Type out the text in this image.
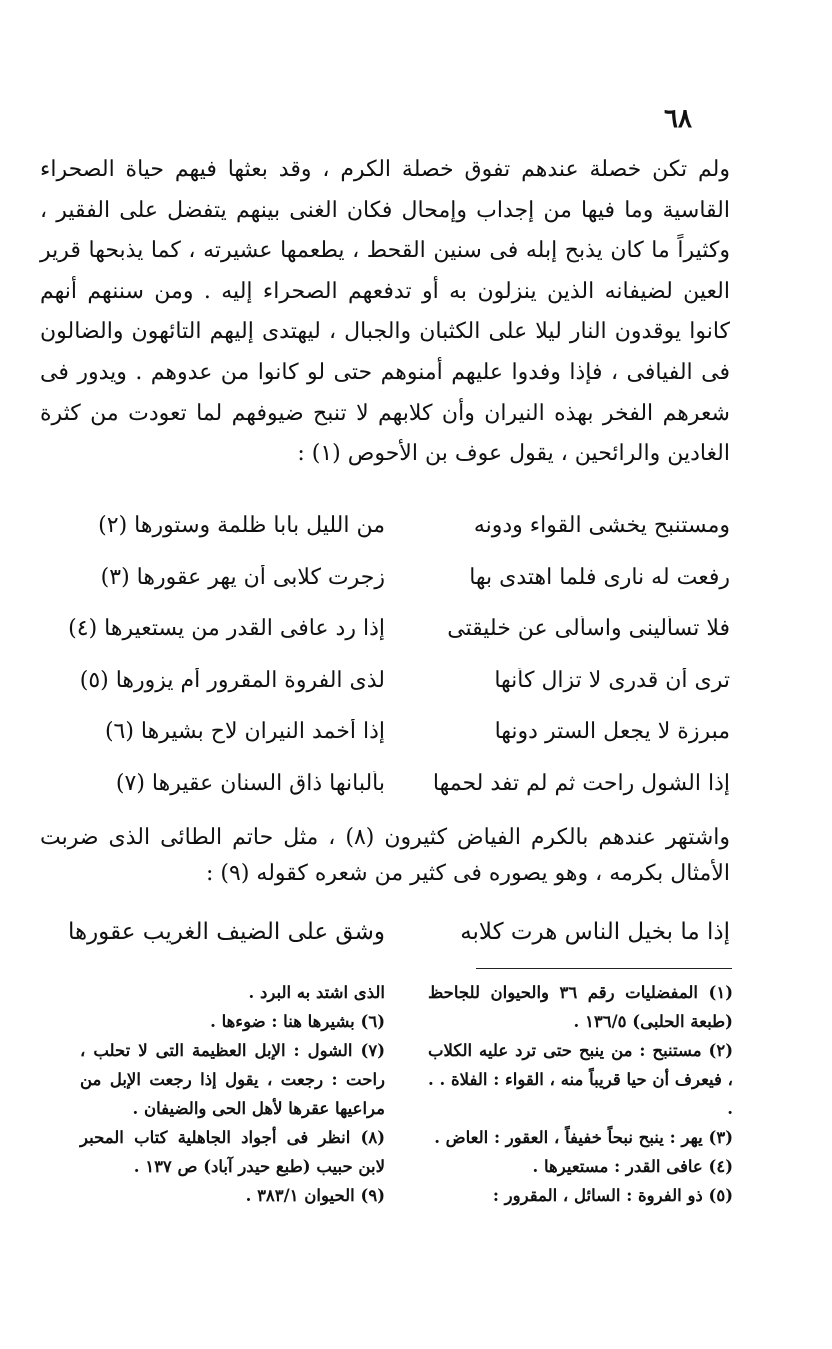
٦٨

ولم تكن خصلة عندهم تفوق خصلة الكرم ، وقد بعثها فيهم حياة الصحراء القاسية وما فيها من إجداب وإمحال فكان الغنى بينهم يتفضل على الفقير ، وكثيراً ما كان يذبح إبله فى سنين القحط ، يطعمها عشيرته ، كما يذبحها قرير العين لضيفانه الذين ينزلون به أو تدفعهم الصحراء إليه . ومن سننهم أنهم كانوا يوقدون النار ليلا على الكثبان والجبال ، ليهتدى إليهم التائهون والضالون فى الفيافى ، فإذا وفدوا عليهم أمنوهم حتى لو كانوا من عدوهم . ويدور فى شعرهم الفخر بهذه النيران وأن كلابهم لا تنبح ضيوفهم لما تعودت من كثرة الغادين والرائحين ، يقول عوف بن الأحوص (١) :

ومستنبح يخشى القواء ودونه
من الليل بابا ظلمة وستورها (٢)
رفعت له نارى فلما اهتدى بها
زجرت كلابى أن يهر عقورها (٣)
فلا تسألينى واسألى عن خليقتى
إذا رد عافى القدر من يستعيرها (٤)
ترى أن قدرى لا تزال كأنها
لذى الفروة المقرور أم يزورها (٥)
مبرزة لا يجعل الستر دونها
إذا أخمد النيران لاح بشيرها (٦)
إذا الشول راحت ثم لم تفد لحمها
بألبانها ذاق السنان عقيرها (٧)

واشتهر عندهم بالكرم الفياض كثيرون (٨) ، مثل حاتم الطائى الذى ضربت الأمثال بكرمه ، وهو يصوره فى كثير من شعره كقوله (٩) :

إذا ما بخيل الناس هرت كلابه
وشق على الضيف الغريب عقورها
(١) المفضليات رقم ٣٦ والحيوان للجاحظ (طبعة الحلبى) ١٣٦/٥ .
(٢) مستنبح : من ينبح حتى ترد عليه الكلاب ، فيعرف أن حيا قريباً منه ، القواء : الفلاة . . .
(٣) يهر : ينبح نبحاً خفيفاً ، العقور : العاض .
(٤) عافى القدر : مستعيرها .
(٥) ذو الفروة : السائل ، المقرور :
الذى اشتد به البرد .
(٦) بشيرها هنا : ضوءها .
(٧) الشول : الإبل العظيمة التى لا تحلب ، راحت : رجعت ، يقول إذا رجعت الإبل من مراعيها عقرها لأهل الحى والضيفان .
(٨) انظر فى أجواد الجاهلية كتاب المحبر لابن حبيب (طبع حيدر آباد) ص ١٣٧ .
(٩) الحيوان ٣٨٣/١ .
